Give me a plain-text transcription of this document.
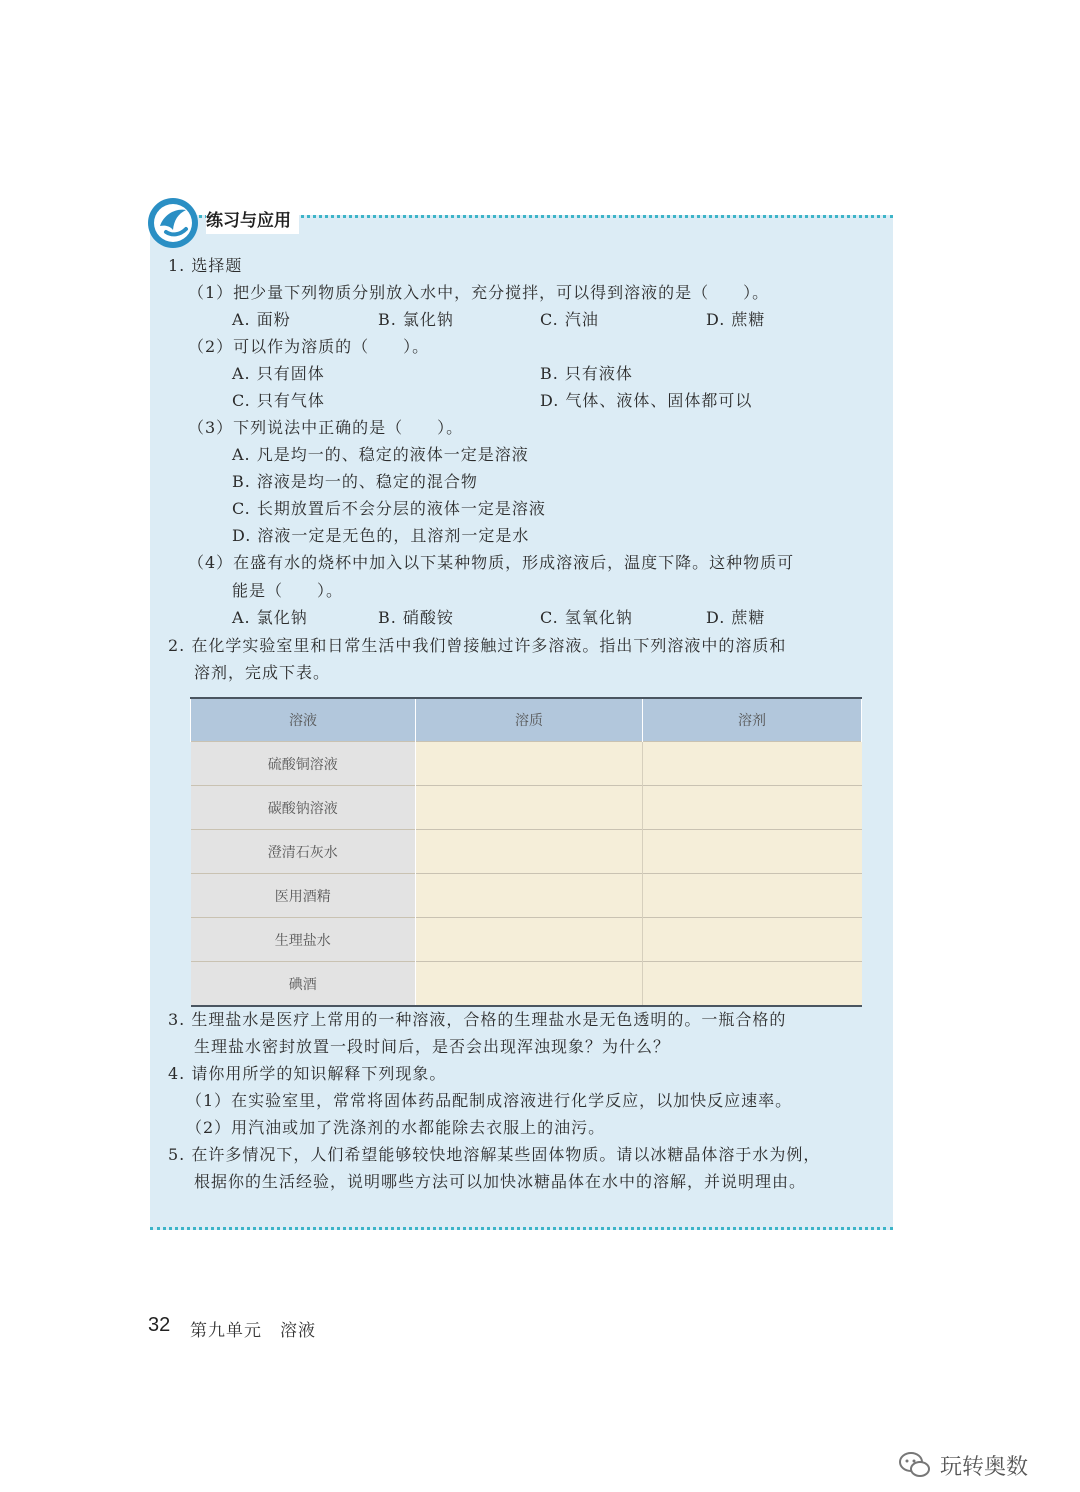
练习与应用
1. 选择题
（1）把少量下列物质分别放入水中，充分搅拌，可以得到溶液的是（　　）。
A. 面粉	B. 氯化钠	C. 汽油	D. 蔗糖
（2）可以作为溶质的（　　）。
A. 只有固体	B. 只有液体
C. 只有气体	D. 气体、液体、固体都可以
（3）下列说法中正确的是（　　）。
A. 凡是均一的、稳定的液体一定是溶液
B. 溶液是均一的、稳定的混合物
C. 长期放置后不会分层的液体一定是溶液
D. 溶液一定是无色的，且溶剂一定是水
（4）在盛有水的烧杯中加入以下某种物质，形成溶液后，温度下降。这种物质可
能是（　　）。
A. 氯化钠	B. 硝酸铵	C. 氢氧化钠	D. 蔗糖
2. 在化学实验室里和日常生活中我们曾接触过许多溶液。指出下列溶液中的溶质和
溶剂，完成下表。
溶液	溶质	溶剂
硫酸铜溶液		
碳酸钠溶液		
澄清石灰水		
医用酒精		
生理盐水		
碘酒		
3. 生理盐水是医疗上常用的一种溶液，合格的生理盐水是无色透明的。一瓶合格的
生理盐水密封放置一段时间后，是否会出现浑浊现象？为什么？
4. 请你用所学的知识解释下列现象。
（1）在实验室里，常常将固体药品配制成溶液进行化学反应，以加快反应速率。
（2）用汽油或加了洗涤剂的水都能除去衣服上的油污。
5. 在许多情况下，人们希望能够较快地溶解某些固体物质。请以冰糖晶体溶于水为例，
根据你的生活经验，说明哪些方法可以加快冰糖晶体在水中的溶解，并说明理由。
32 第九单元　溶液
玩转奥数
